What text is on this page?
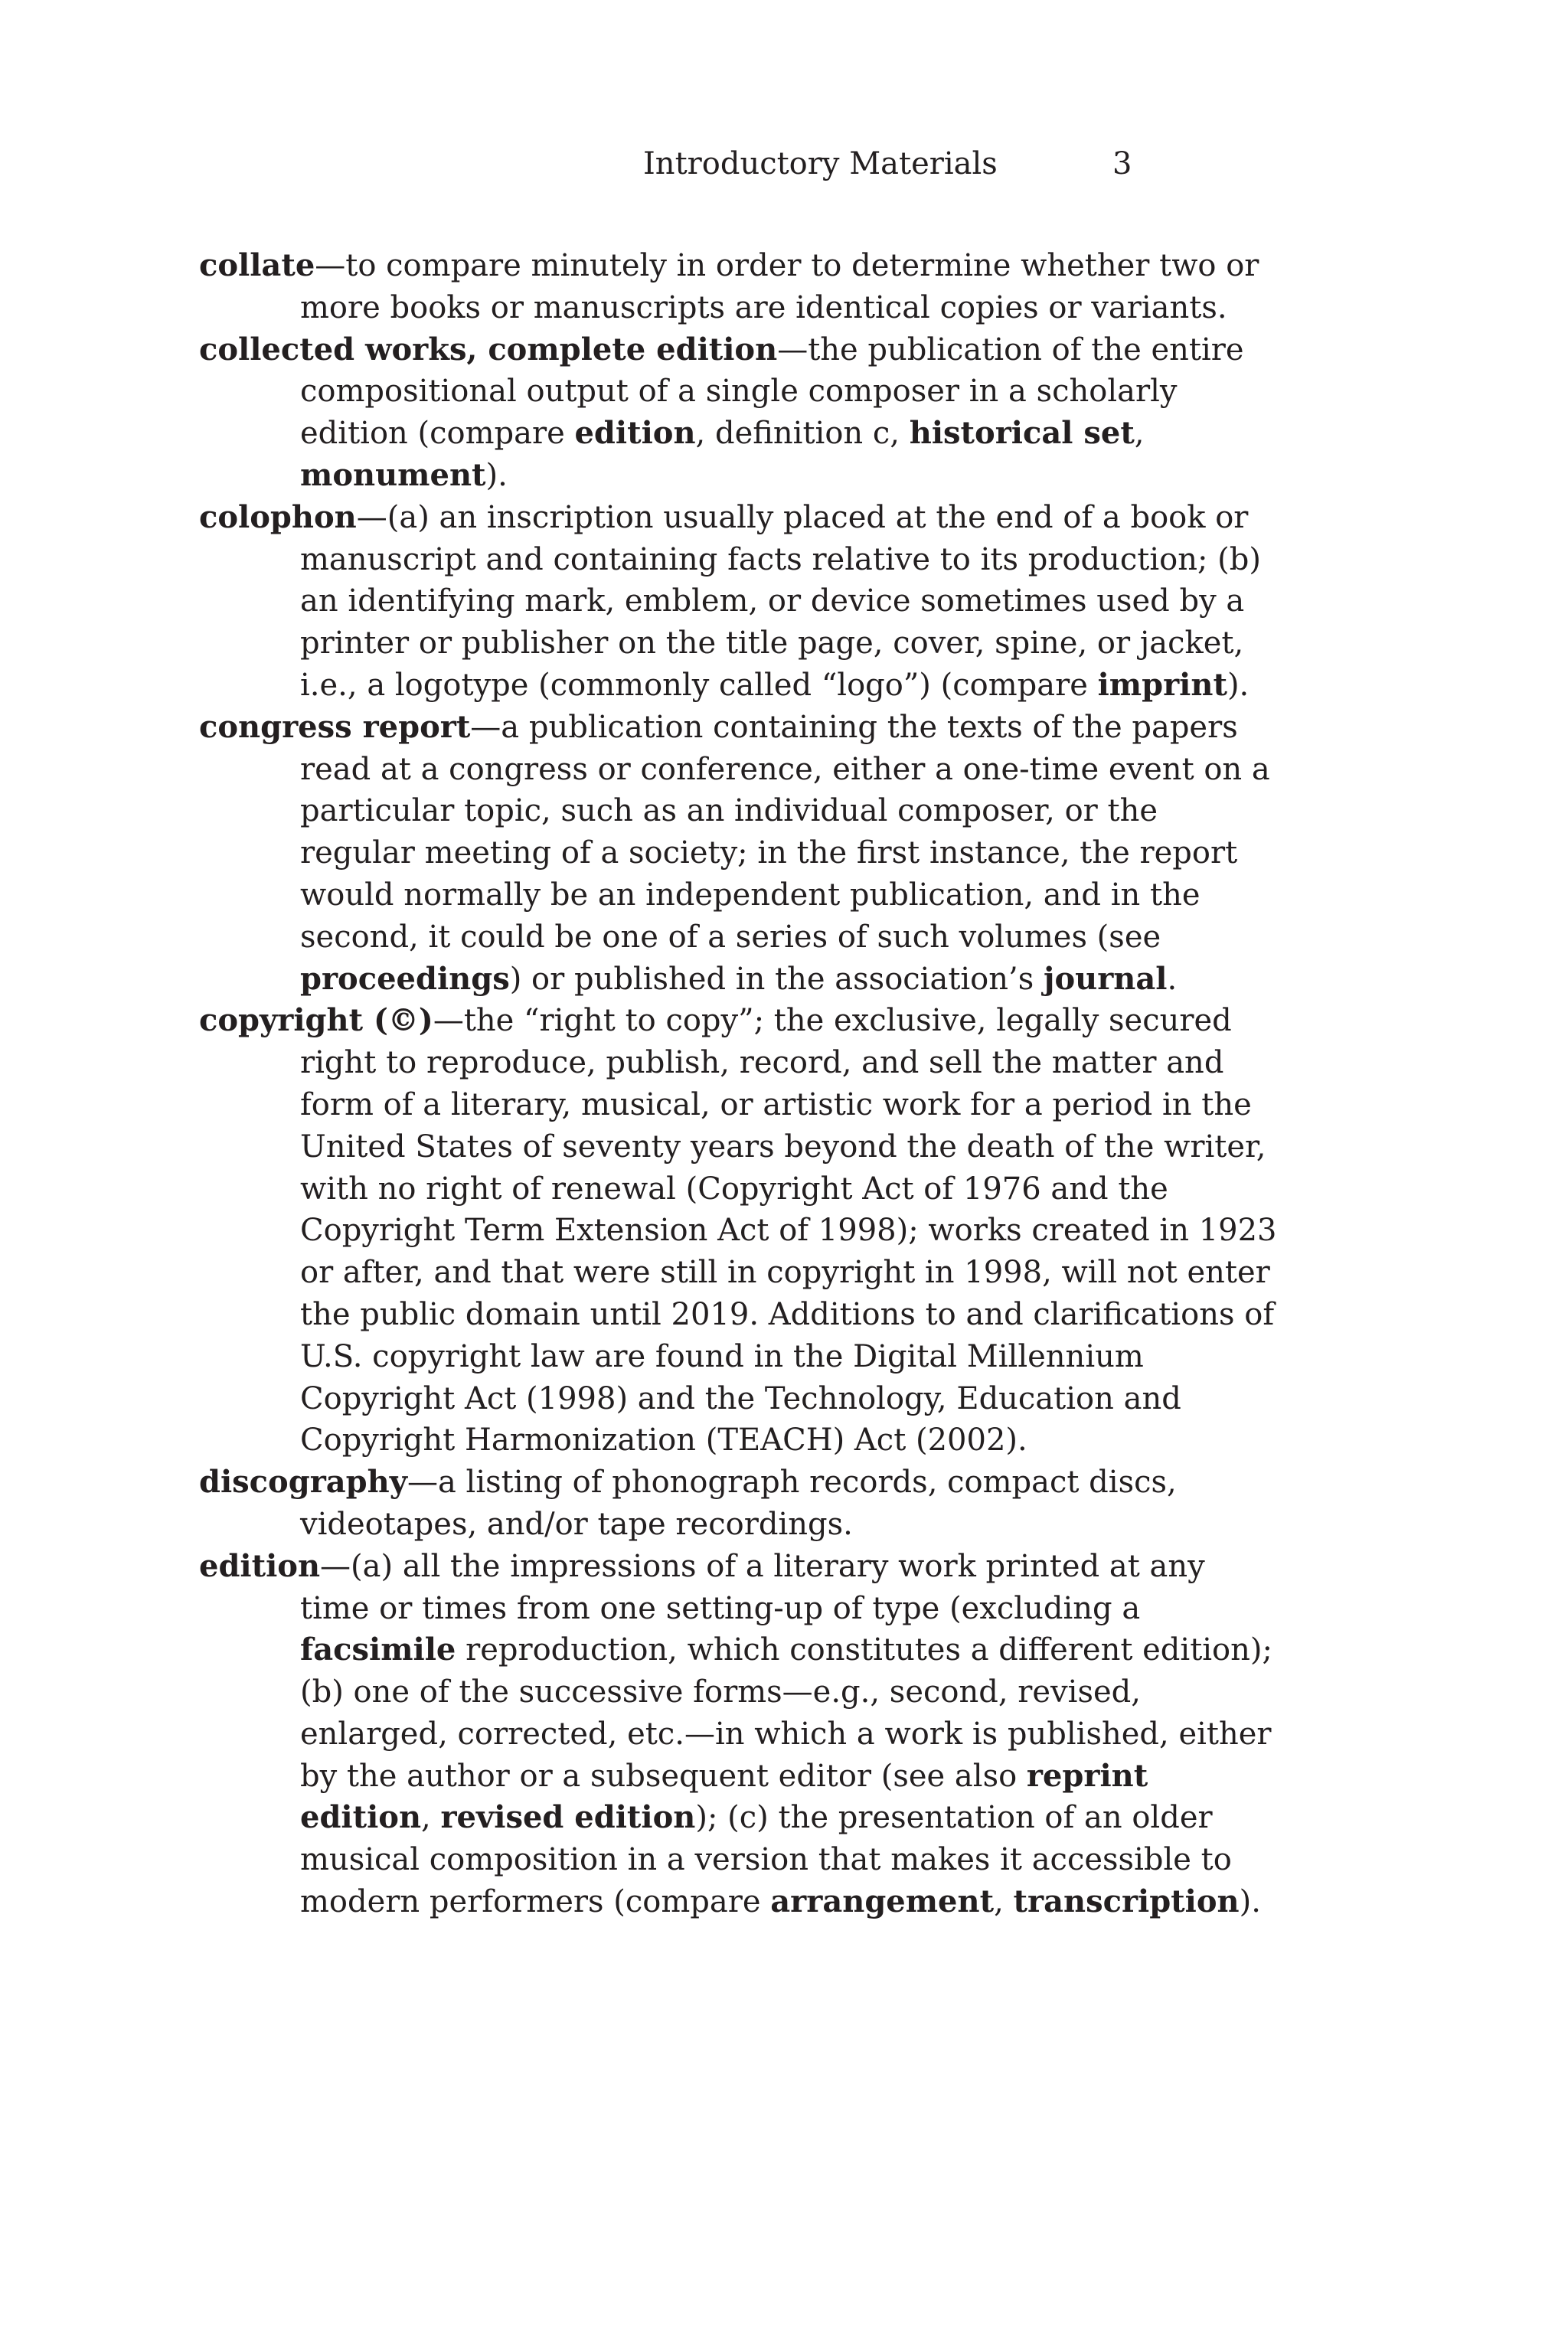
Introductory Materials	3

collate—to compare minutely in order to determine whether two or more books or manuscripts are identical copies or variants.

collected works, complete edition—the publication of the entire compositional output of a single composer in a scholarly edition (compare edition, definition c, historical set, monument).

colophon—(a) an inscription usually placed at the end of a book or manuscript and containing facts relative to its production; (b) an identifying mark, emblem, or device sometimes used by a printer or publisher on the title page, cover, spine, or jacket, i.e., a logotype (commonly called “logo”) (compare imprint).

congress report—a publication containing the texts of the papers read at a congress or conference, either a one-time event on a particular topic, such as an individual composer, or the regular meeting of a society; in the first instance, the report would normally be an independent publication, and in the second, it could be one of a series of such volumes (see proceedings) or published in the association’s journal.

copyright (©)—the “right to copy”; the exclusive, legally secured right to reproduce, publish, record, and sell the matter and form of a literary, musical, or artistic work for a period in the United States of seventy years beyond the death of the writer, with no right of renewal (Copyright Act of 1976 and the Copyright Term Extension Act of 1998); works created in 1923 or after, and that were still in copyright in 1998, will not enter the public domain until 2019. Additions to and clarifications of U.S. copyright law are found in the Digital Millennium Copyright Act (1998) and the Technology, Education and Copyright Harmonization (TEACH) Act (2002).

discography—a listing of phonograph records, compact discs, videotapes, and/or tape recordings.

edition—(a) all the impressions of a literary work printed at any time or times from one setting-up of type (excluding a facsimile reproduction, which constitutes a different edition); (b) one of the successive forms—e.g., second, revised, enlarged, corrected, etc.—in which a work is published, either by the author or a subsequent editor (see also reprint edition, revised edition); (c) the presentation of an older musical composition in a version that makes it accessible to modern performers (compare arrangement, transcription).
